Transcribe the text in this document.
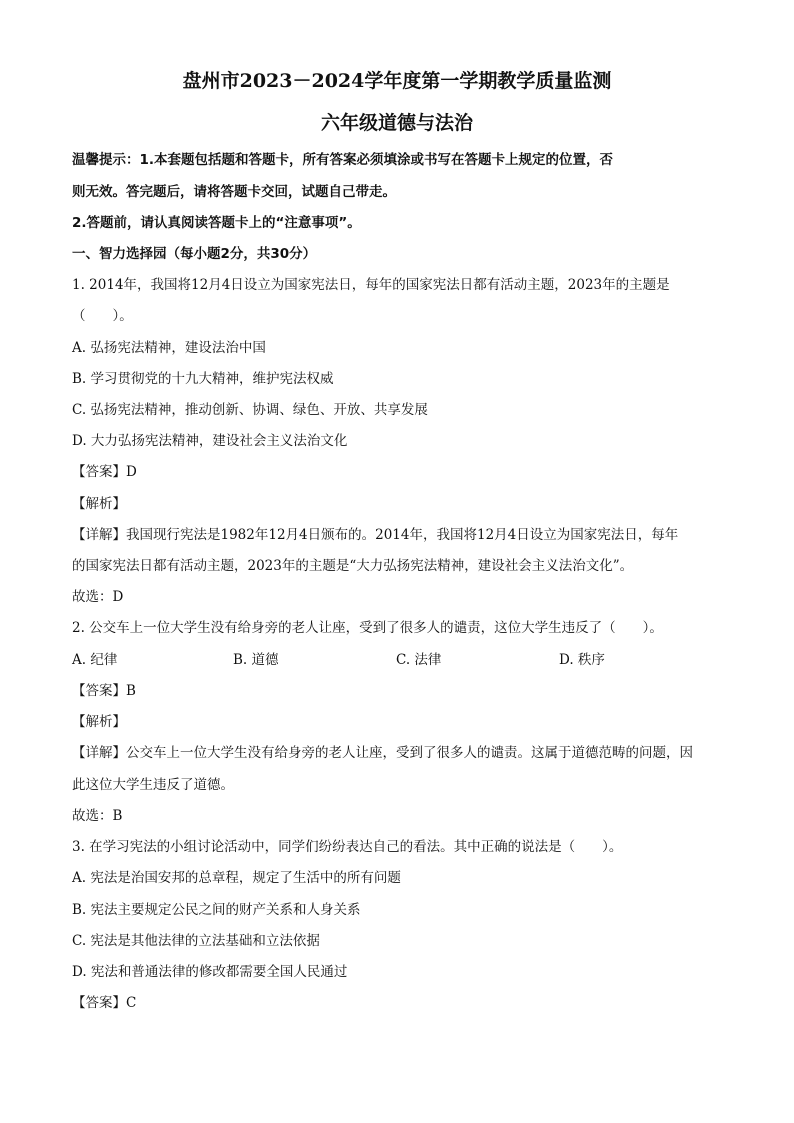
盘州市2023－2024学年度第一学期教学质量监测
六年级道德与法治
温馨提示：1.本套题包括题和答题卡，所有答案必须填涂或书写在答题卡上规定的位置，否
则无效。答完题后，请将答题卡交回，试题自己带走。
2.答题前，请认真阅读答题卡上的“注意事项”。
一、智力选择园（每小题2分，共30分）
1. 2014年，我国将12月4日设立为国家宪法日，每年的国家宪法日都有活动主题，2023年的主题是
（　　）。
A. 弘扬宪法精神，建设法治中国
B. 学习贯彻党的十九大精神，维护宪法权威
C. 弘扬宪法精神，推动创新、协调、绿色、开放、共享发展
D. 大力弘扬宪法精神，建设社会主义法治文化
【答案】D
【解析】
【详解】我国现行宪法是1982年12月4日颁布的。2014年，我国将12月4日设立为国家宪法日，每年
的国家宪法日都有活动主题，2023年的主题是“大力弘扬宪法精神，建设社会主义法治文化”。
故选：D
2. 公交车上一位大学生没有给身旁的老人让座，受到了很多人的谴责，这位大学生违反了（　　）。
A. 纪律	B. 道德	C. 法律	D. 秩序
【答案】B
【解析】
【详解】公交车上一位大学生没有给身旁的老人让座，受到了很多人的谴责。这属于道德范畴的问题，因
此这位大学生违反了道德。
故选：B
3. 在学习宪法的小组讨论活动中，同学们纷纷表达自己的看法。其中正确的说法是（　　）。
A. 宪法是治国安邦的总章程，规定了生活中的所有问题
B. 宪法主要规定公民之间的财产关系和人身关系
C. 宪法是其他法律的立法基础和立法依据
D. 宪法和普通法律的修改都需要全国人民通过
【答案】C
